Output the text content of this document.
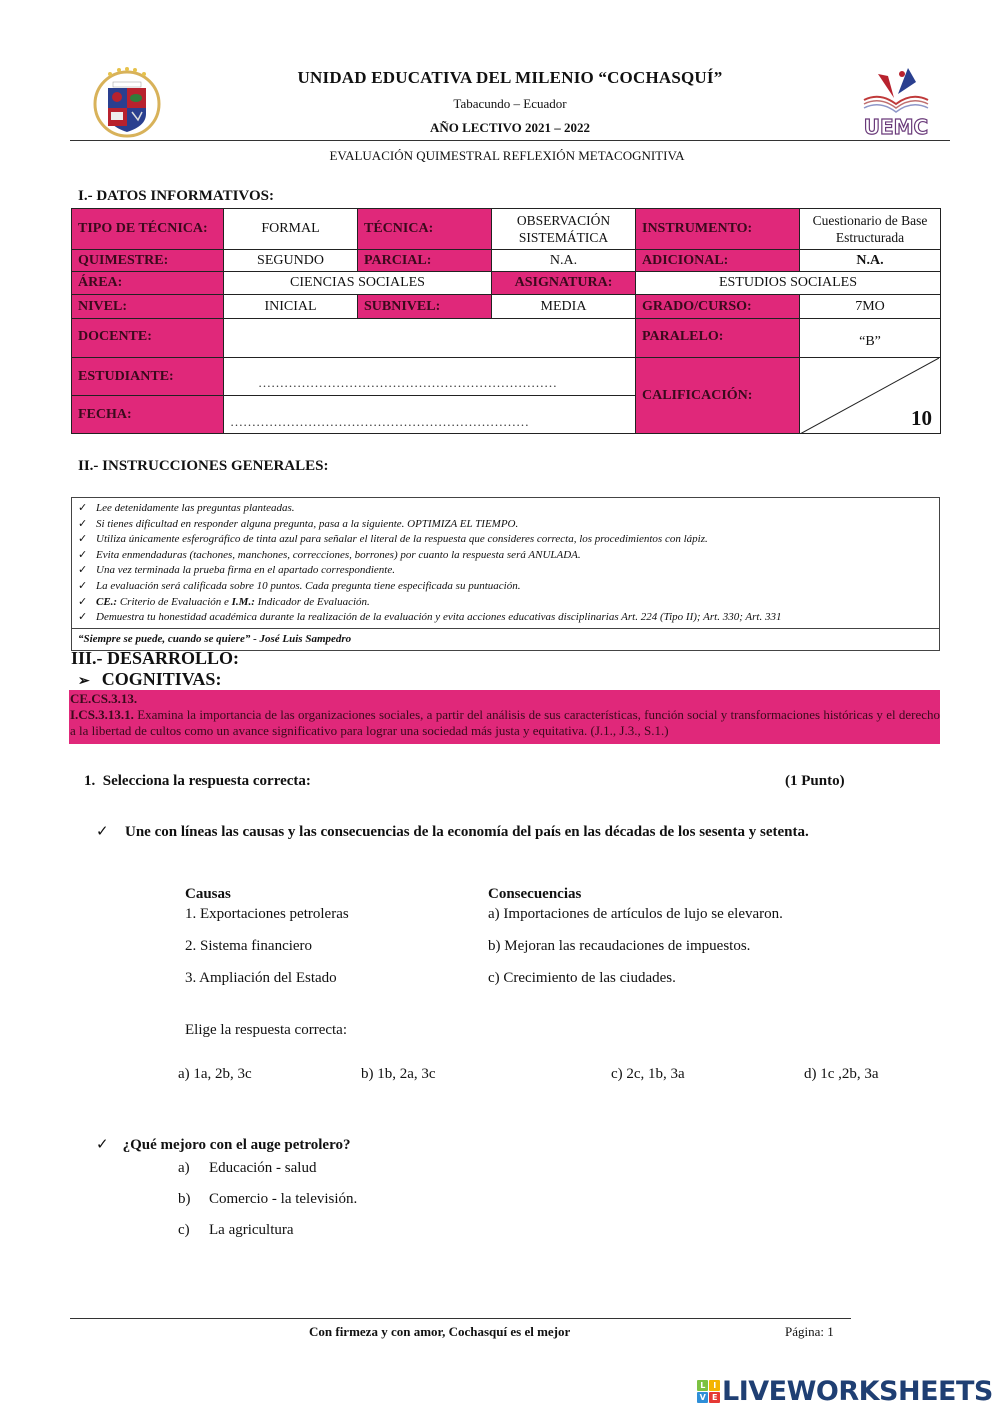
UNIDAD EDUCATIVA DEL MILENIO “COCHASQUÍ”
Tabacundo – Ecuador
AÑO LECTIVO 2021 – 2022	UEMC
EVALUACIÓN QUIMESTRAL REFLEXIÓN METACOGNITIVA
I.- DATOS INFORMATIVOS:
TIPO DE TÉCNICA:	FORMAL	TÉCNICA:	OBSERVACIÓN SISTEMÁTICA	INSTRUMENTO:	Cuestionario de Base Estructurada
QUIMESTRE:	SEGUNDO	PARCIAL:	N.A.	ADICIONAL:	N.A.
ÁREA:	CIENCIAS SOCIALES		ASIGNATURA:	ESTUDIOS SOCIALES	
NIVEL:	INICIAL	SUBNIVEL:	MEDIA	GRADO/CURSO:	7MO
DOCENTE:				PARALELO:	“B”
ESTUDIANTE:	……………………………………………………………			CALIFICACIÓN:	10

FECHA:	……………………………………………………………				
II.- INSTRUCCIONES GENERALES:
✓ Lee detenidamente las preguntas planteadas.
✓ Si tienes dificultad en responder alguna pregunta, pasa a la siguiente. OPTIMIZA EL TIEMPO.
✓ Utiliza únicamente esferográfico de tinta azul para señalar el literal de la respuesta que consideres correcta, los procedimientos con lápiz.
✓ Evita enmendaduras (tachones, manchones, correcciones, borrones) por cuanto la respuesta será ANULADA.
✓ Una vez terminada la prueba firma en el apartado correspondiente.
✓ La evaluación será calificada sobre 10 puntos. Cada pregunta tiene especificada su puntuación.
✓ CE.: Criterio de Evaluación e I.M.: Indicador de Evaluación.
✓ Demuestra tu honestidad académica durante la realización de la evaluación y evita acciones educativas disciplinarias Art. 224 (Tipo II); Art. 330; Art. 331
“Siempre se puede, cuando se quiere” - José Luis Sampedro
III.- DESARROLLO:
➢ COGNITIVAS:
CE.CS.3.13.
I.CS.3.13.1. Examina la importancia de las organizaciones sociales, a partir del análisis de sus características, función social y transformaciones históricas y el derecho a la libertad de cultos como un avance significativo para lograr una sociedad más justa y equitativa. (J.1., J.3., S.1.)
1. Selecciona la respuesta correcta:	(1 Punto)
✓	Une con líneas las causas y las consecuencias de la economía del país en las décadas de los sesenta y setenta.
Causas
1. Exportaciones petroleras
2. Sistema financiero
3. Ampliación del Estado
Consecuencias
a) Importaciones de artículos de lujo se elevaron.
b) Mejoran las recaudaciones de impuestos.
c) Crecimiento de las ciudades.
Elige la respuesta correcta:
a) 1a, 2b, 3c	b) 1b, 2a, 3c	c) 2c, 1b, 3a	d) 1c ,2b, 3a
✓ ¿Qué mejoro con el auge petrolero?
a) Educación - salud
b) Comercio - la televisión.
c) La agricultura
Con firmeza y con amor, Cochasquí es el mejor	Página: 1
L	I
V E LIVEWORKSHEETS
